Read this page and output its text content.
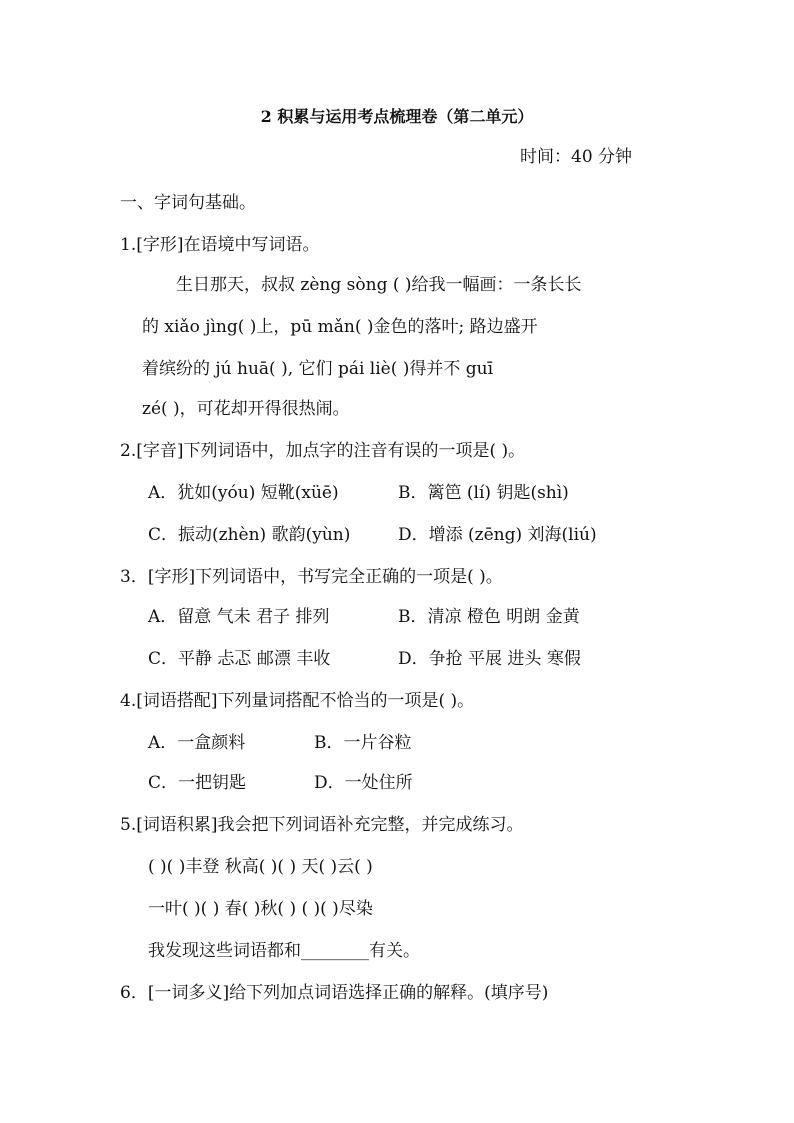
2 积累与运用考点梳理卷（第二单元）
时间：40 分钟
一、字词句基础。
1.[字形]在语境中写词语。
生日那天，叔叔 zèng sòng ( )给我一幅画：一条长长
的 xiǎo jìng( )上，pū mǎn( )金色的落叶; 路边盛开
着缤纷的 jú huā( ), 它们 pái liè( )得并不 guī
zé( )，可花却开得很热闹。
2.[字音]下列词语中，加点字的注音有误的一项是( )。
A．犹如(yóu) 短靴(xüē)	B．篱笆 (lí) 钥匙(shì)
C．振动(zhèn) 歌韵(yùn)	D．增添 (zēng) 刘海(liú)
3．[字形]下列词语中，书写完全正确的一项是( )。
A．留意 气未 君子 排列	B．清凉 橙色 明朗 金黄
C．平静 忐忑 邮漂 丰收	D．争抢 平展 进头 寒假
4.[词语搭配]下列量词搭配不恰当的一项是( )。
A．一盒颜料	B．一片谷粒
C．一把钥匙	D．一处住所
5.[词语积累]我会把下列词语补充完整，并完成练习。
( )( )丰登 秋高( )( ) 天( )云( )
一叶( )( ) 春( )秋( ) ( )( )尽染
我发现这些词语都和________有关。
6．[一词多义]给下列加点词语选择正确的解释。(填序号)
